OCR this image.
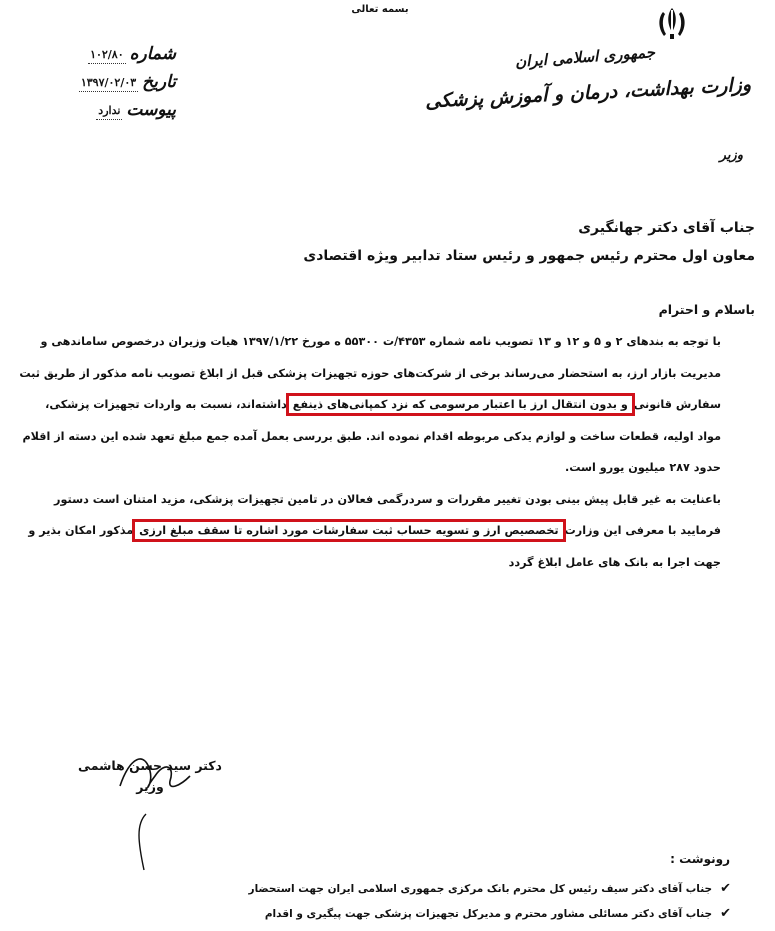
بسمه تعالی
جمهوری اسلامی ایران
وزارت بهداشت، درمان و آموزش پزشکی
وزیر
شماره
۱۰۲/۸۰
تاریخ
۱۳۹۷/۰۲/۰۳
پیوست
ندارد
جناب آقای دکتر جهانگیری
معاون اول محترم رئیس جمهور و رئیس ستاد تدابیر ویژه اقتصادی
باسلام و احترام

با توجه به بندهای ۲ و ۵ و ۱۲ و ۱۳ تصویب نامه شماره ۴۳۵۳/ت ۵۵۳۰۰ ه مورخ ۱۳۹۷/۱/۲۲ هیات وزیران درخصوص ساماندهی و مدیریت بازار ارز، به استحضار می‌رساند برخی از شرکت‌های حوزه تجهیزات پزشکی قبل از ابلاغ تصویب نامه مذکور از طریق ثبت سفارش قانونی و بدون انتقال ارز با اعتبار مرسومی که نزد کمپانی‌های ذینفع داشته‌اند، نسبت به واردات تجهیزات پزشکی، مواد اولیه، قطعات ساخت و لوازم یدکی مربوطه اقدام نموده اند. طبق بررسی بعمل آمده جمع مبلغ تعهد شده این دسته از اقلام حدود ۲۸۷ میلیون یورو است.

باعنایت به غیر قابل پیش بینی بودن تغییر مقررات و سردرگمی فعالان در تامین تجهیزات پزشکی، مزید امتنان است دستور فرمایید با معرفی این وزارت تخصصیص ارز و تسویه حساب ثبت سفارشات مورد اشاره تا سقف مبلغ ارزی مذکور امکان بذیر و جهت اجرا به بانک های عامل ابلاغ گردد

دکتر سید حسن هاشمی
وزیر
رونوشت :
✔
جناب آقای دکتر سیف رئیس کل محترم بانک مرکزی جمهوری اسلامی ایران جهت استحضار
✔
جناب آقای دکتر مسائلی مشاور محترم و مدیرکل تجهیزات پزشکی جهت پیگیری و اقدام
